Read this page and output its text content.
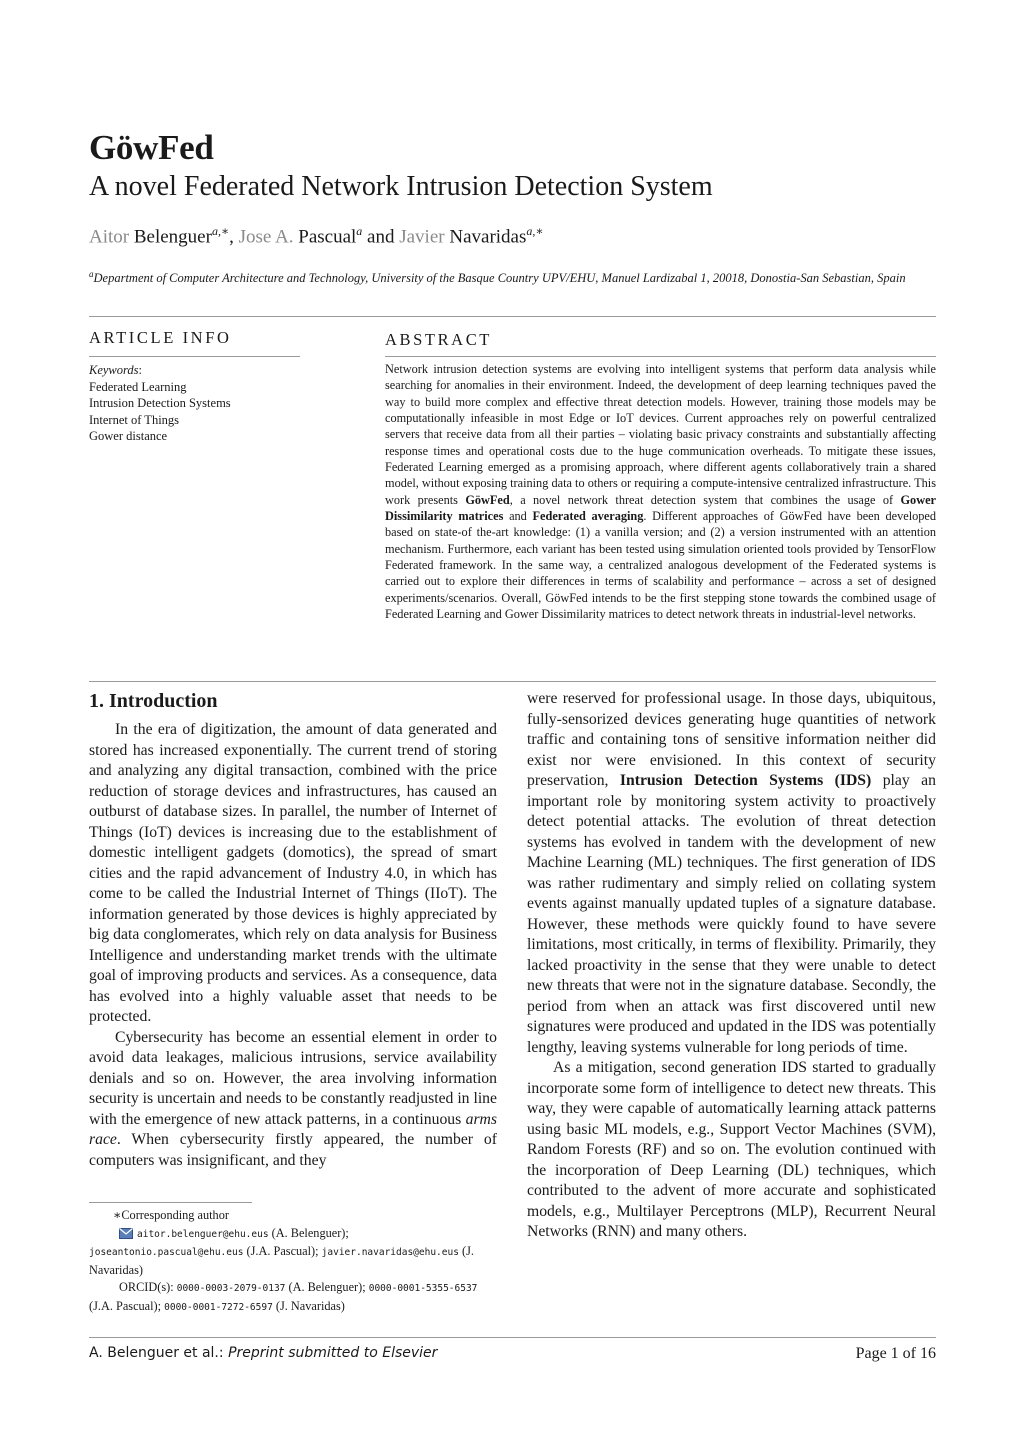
GöwFed
A novel Federated Network Intrusion Detection System
Aitor Belenguer$^{a,∗}$, Jose A. Pascual$^a$ and Javier Navaridas$^{a,∗}$
$^a$Department of Computer Architecture and Technology, University of the Basque Country UPV/EHU, Manuel Lardizabal 1, 20018, Donostia-San Sebastian, Spain
ARTICLE INFO
Keywords:
Federated Learning
Intrusion Detection Systems
Internet of Things
Gower distance
ABSTRACT
Network intrusion detection systems are evolving into intelligent systems that perform data analysis while searching for anomalies in their environment. Indeed, the development of deep learning techniques paved the way to build more complex and effective threat detection models. However, training those models may be computationally infeasible in most Edge or IoT devices. Current approaches rely on powerful centralized servers that receive data from all their parties – violating basic privacy constraints and substantially affecting response times and operational costs due to the huge communication overheads. To mitigate these issues, Federated Learning emerged as a promising approach, where different agents collaboratively train a shared model, without exposing training data to others or requiring a compute-intensive centralized infrastructure. This work presents GöwFed, a novel network threat detection system that combines the usage of Gower Dissimilarity matrices and Federated averaging. Different approaches of GöwFed have been developed based on state-of the-art knowledge: (1) a vanilla version; and (2) a version instrumented with an attention mechanism. Furthermore, each variant has been tested using simulation oriented tools provided by TensorFlow Federated framework. In the same way, a centralized analogous development of the Federated systems is carried out to explore their differences in terms of scalability and performance – across a set of designed experiments/scenarios. Overall, GöwFed intends to be the first stepping stone towards the combined usage of Federated Learning and Gower Dissimilarity matrices to detect network threats in industrial-level networks.
1. Introduction

In the era of digitization, the amount of data generated and stored has increased exponentially. The current trend of storing and analyzing any digital transaction, combined with the price reduction of storage devices and infrastructures, has caused an outburst of database sizes. In parallel, the number of Internet of Things (IoT) devices is increasing due to the establishment of domestic intelligent gadgets (domotics), the spread of smart cities and the rapid advancement of Industry 4.0, in which has come to be called the Industrial Internet of Things (IIoT). The information generated by those devices is highly appreciated by big data conglomerates, which rely on data analysis for Business Intelligence and understanding market trends with the ultimate goal of improving products and services. As a consequence, data has evolved into a highly valuable asset that needs to be protected.

Cybersecurity has become an essential element in order to avoid data leakages, malicious intrusions, service availability denials and so on. However, the area involving information security is uncertain and needs to be constantly readjusted in line with the emergence of new attack patterns, in a continuous arms race. When cybersecurity firstly appeared, the number of computers was insignificant, and they

were reserved for professional usage. In those days, ubiquitous, fully-sensorized devices generating huge quantities of network traffic and containing tons of sensitive information neither did exist nor were envisioned. In this context of security preservation, Intrusion Detection Systems (IDS) play an important role by monitoring system activity to proactively detect potential attacks. The evolution of threat detection systems has evolved in tandem with the development of new Machine Learning (ML) techniques. The first generation of IDS was rather rudimentary and simply relied on collating system events against manually updated tuples of a signature database. However, these methods were quickly found to have severe limitations, most critically, in terms of flexibility. Primarily, they lacked proactivity in the sense that they were unable to detect new threats that were not in the signature database. Secondly, the period from when an attack was first discovered until new signatures were produced and updated in the IDS was potentially lengthy, leaving systems vulnerable for long periods of time.

As a mitigation, second generation IDS started to gradually incorporate some form of intelligence to detect new threats. This way, they were capable of automatically learning attack patterns using basic ML models, e.g., Support Vector Machines (SVM), Random Forests (RF) and so on. The evolution continued with the incorporation of Deep Learning (DL) techniques, which contributed to the advent of more accurate and sophisticated models, e.g., Multilayer Perceptrons (MLP), Recurrent Neural Networks (RNN) and many others.

∗Corresponding author
aitor.belenguer@ehu.eus (A. Belenguer); joseantonio.pascual@ehu.eus (J.A. Pascual); javier.navaridas@ehu.eus (J. Navaridas)
ORCID(s): 0000-0003-2079-0137 (A. Belenguer); 0000-0001-5355-6537 (J.A. Pascual); 0000-0001-7272-6597 (J. Navaridas)
A. Belenguer et al.: Preprint submitted to Elsevier	Page 1 of 16
